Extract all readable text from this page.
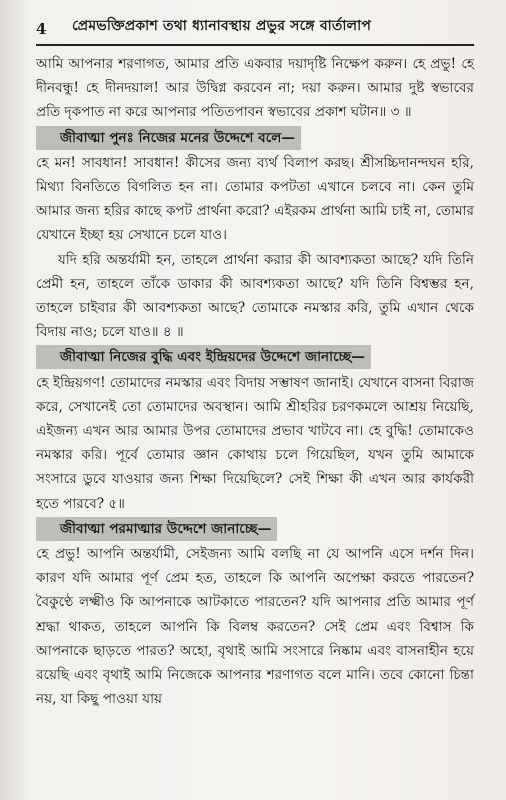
4	প্রেমভক্তিপ্রকাশ তথা ধ্যানাবস্থায় প্রভুর সঙ্গে বার্তালাপ

আমি আপনার শরণাগত, আমার প্রতি একবার দয়াদৃষ্টি নিক্ষেপ করুন। হে প্রভু! হে দীনবন্ধু! হে দীনদয়াল! আর উদ্বিগ্ন করবেন না; দয়া করুন। আমার দুষ্ট স্বভাবের প্রতি দৃকপাত না করে আপনার পতিতপাবন স্বভাবের প্রকাশ ঘটান॥ ৩ ॥

জীবাত্মা পুনঃ নিজের মনের উদ্দেশে বলে—

হে মন! সাবধান! সাবধান! কীসের জন্য ব্যর্থ বিলাপ করছ। শ্রীসচ্চিদানন্দঘন হরি, মিথ্যা বিনতিতে বিগলিত হন না। তোমার কপটতা এখানে চলবে না। কেন তুমি আমার জন্য হরির কাছে কপট প্রার্থনা করো? এইরকম প্রার্থনা আমি চাই না, তোমার যেখানে ইচ্ছা হয় সেখানে চলে যাও।

যদি হরি অন্তর্যামী হন, তাহলে প্রার্থনা করার কী আবশ্যকতা আছে? যদি তিনি প্রেমী হন, তাহলে তাঁকে ডাকার কী আবশ্যকতা আছে? যদি তিনি বিশ্বম্ভর হন, তাহলে চাইবার কী আবশ্যকতা আছে? তোমাকে নমস্কার করি, তুমি এখান থেকে বিদায় নাও; চলে যাও॥ ৪ ॥

জীবাত্মা নিজের বুদ্ধি এবং ইন্দ্রিয়দের উদ্দেশে জানাচ্ছে—

হে ইন্দ্রিয়গণ! তোমাদের নমস্কার এবং বিদায় সম্ভাষণ জানাই। যেখানে বাসনা বিরাজ করে, সেখানেই তো তোমাদের অবস্থান। আমি শ্রীহরির চরণকমলে আশ্রয় নিয়েছি, এইজন্য এখন আর আমার উপর তোমাদের প্রভাব খাটবে না। হে বুদ্ধি! তোমাকেও নমস্কার করি। পূর্বে তোমার জ্ঞান কোথায় চলে গিয়েছিল, যখন তুমি আমাকে সংসারে ডুবে যাওয়ার জন্য শিক্ষা দিয়েছিলে? সেই শিক্ষা কী এখন আর কার্যকরী হতে পারবে? ৫॥

জীবাত্মা পরমাত্মার উদ্দেশে জানাচ্ছে—

হে প্রভু! আপনি অন্তর্যামী, সেইজন্য আমি বলছি না যে আপনি এসে দর্শন দিন। কারণ যদি আমার পূর্ণ প্রেম হত, তাহলে কি আপনি অপেক্ষা করতে পারতেন? বৈকুণ্ঠে লক্ষ্মীও কি আপনাকে আটকাতে পারতেন? যদি আপনার প্রতি আমার পূর্ণ শ্রদ্ধা থাকত, তাহলে আপনি কি বিলম্ব করতেন? সেই প্রেম এবং বিশ্বাস কি আপনাকে ছাড়তে পারত? অহো, বৃথাই আমি সংসারে নিষ্কাম এবং বাসনাহীন হয়ে রয়েছি এবং বৃথাই আমি নিজেকে আপনার শরণাগত বলে মানি। তবে কোনো চিন্তা নয়, যা কিছু পাওয়া যায়
